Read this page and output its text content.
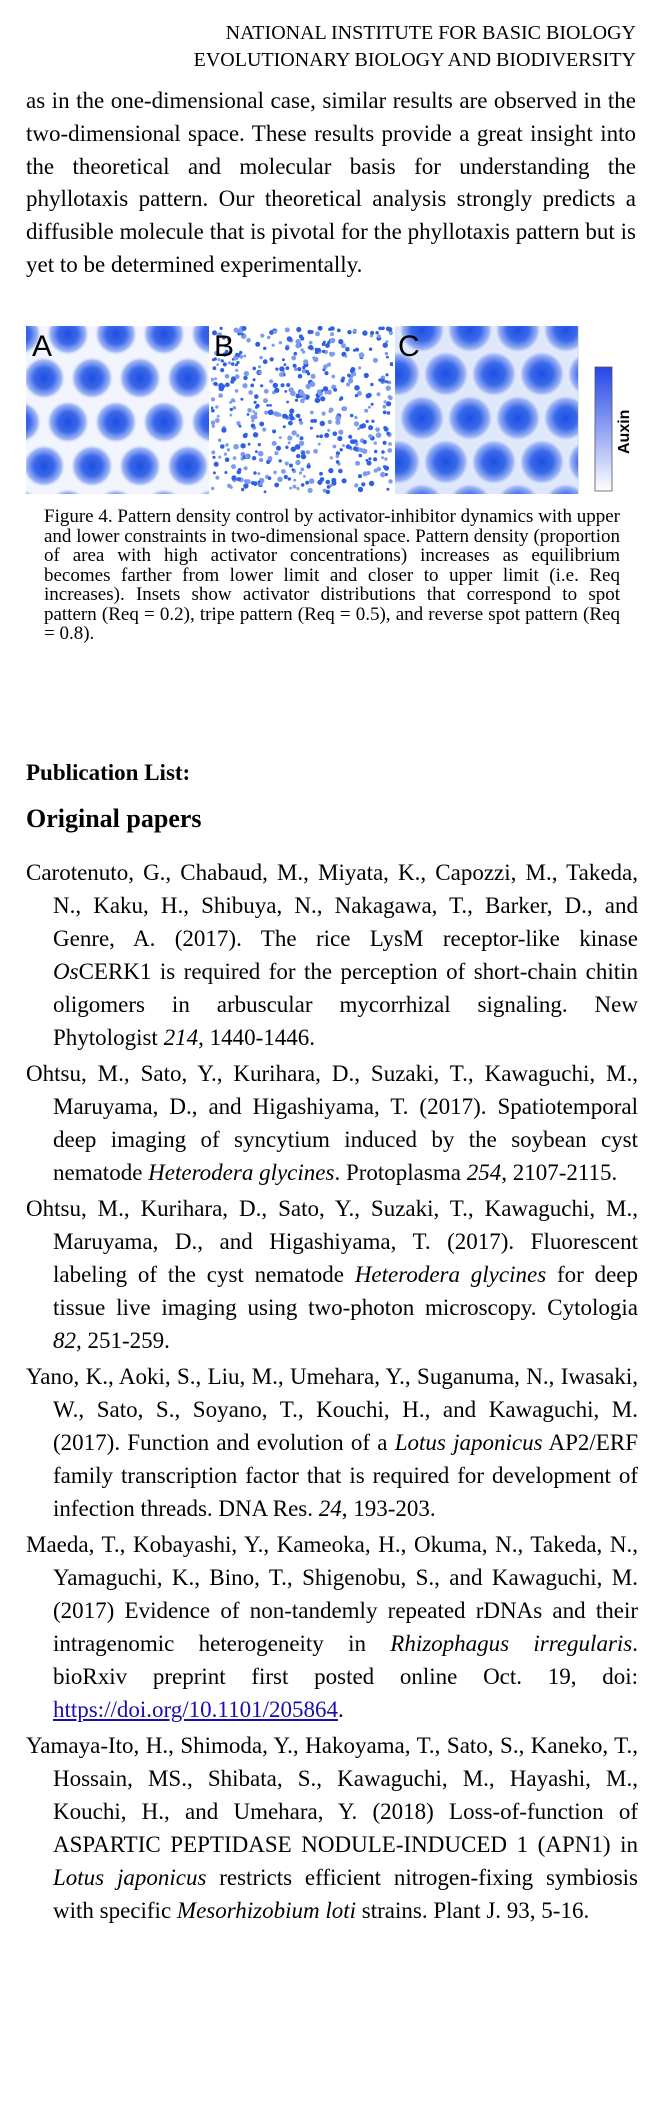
NATIONAL INSTITUTE FOR BASIC BIOLOGY
EVOLUTIONARY BIOLOGY AND BIODIVERSITY
as in the one-dimensional case, similar results are observed in the two-dimensional space. These results provide a great insight into the theoretical and molecular basis for understanding the phyllotaxis pattern. Our theoretical analysis strongly predicts a diffusible molecule that is pivotal for the phyllotaxis pattern but is yet to be determined experimentally.
A	B	C
Auxin
Figure 4. Pattern density control by activator-inhibitor dynamics with upper and lower constraints in two-dimensional space. Pattern density (proportion of area with high activator concentrations) increases as equilibrium becomes farther from lower limit and closer to upper limit (i.e. Req increases). Insets show activator distributions that correspond to spot pattern (Req = 0.2), tripe pattern (Req = 0.5), and reverse spot pattern (Req = 0.8).
Publication List:
Original papers

Carotenuto, G., Chabaud, M., Miyata, K., Capozzi, M., Takeda, N., Kaku, H., Shibuya, N., Nakagawa, T., Barker, D., and Genre, A. (2017). The rice LysM receptor-like kinase OsCERK1 is required for the perception of short-chain chitin oligomers in arbuscular mycorrhizal signaling. New Phytologist 214, 1440-1446.

Ohtsu, M., Sato, Y., Kurihara, D., Suzaki, T., Kawaguchi, M., Maruyama, D., and Higashiyama, T. (2017). Spatiotemporal deep imaging of syncytium induced by the soybean cyst nematode Heterodera glycines. Protoplasma 254, 2107-2115.

Ohtsu, M., Kurihara, D., Sato, Y., Suzaki, T., Kawaguchi, M., Maruyama, D., and Higashiyama, T. (2017). Fluorescent labeling of the cyst nematode Heterodera glycines for deep tissue live imaging using two-photon microscopy. Cytologia 82, 251-259.

Yano, K., Aoki, S., Liu, M., Umehara, Y., Suganuma, N., Iwasaki, W., Sato, S., Soyano, T., Kouchi, H., and Kawaguchi, M. (2017). Function and evolution of a Lotus japonicus AP2/ERF family transcription factor that is required for development of infection threads. DNA Res. 24, 193-203.

Maeda, T., Kobayashi, Y., Kameoka, H., Okuma, N., Takeda, N., Yamaguchi, K., Bino, T., Shigenobu, S., and Kawaguchi, M. (2017) Evidence of non-tandemly repeated rDNAs and their intragenomic heterogeneity in Rhizophagus irregularis. bioRxiv preprint first posted online Oct. 19, doi: https://doi.org/10.1101/205864.

Yamaya-Ito, H., Shimoda, Y., Hakoyama, T., Sato, S., Kaneko, T., Hossain, MS., Shibata, S., Kawaguchi, M., Hayashi, M., Kouchi, H., and Umehara, Y. (2018) Loss-of-function of ASPARTIC PEPTIDASE NODULE-INDUCED 1 (APN1) in Lotus japonicus restricts efficient nitrogen-fixing symbiosis with specific Mesorhizobium loti strains. Plant J. 93, 5-16.
